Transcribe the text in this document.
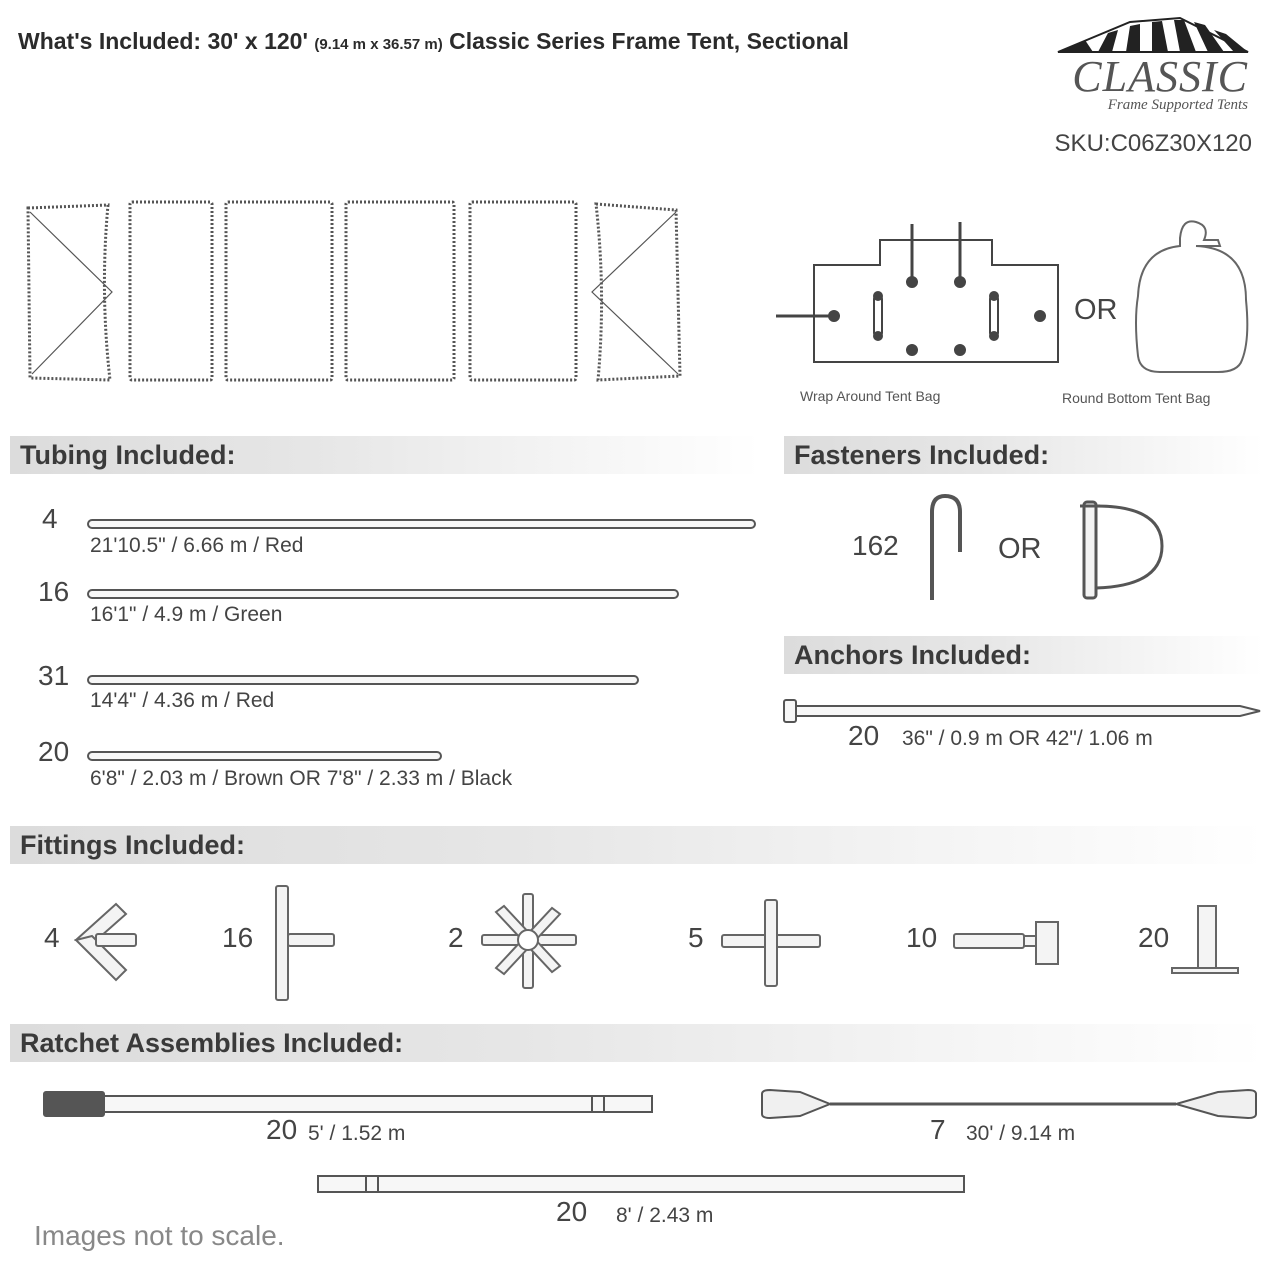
What's Included: 30' x 120' (9.14 m x 36.57 m) Classic Series Frame Tent, Sectional
CLASSIC
Frame Supported Tents
SKU:C06Z30X120
Wrap Around Tent Bag
OR
Round Bottom Tent Bag
Tubing Included:
4
21'10.5" / 6.66 m / Red
16
16'1" / 4.9 m / Green
31
14'4" / 4.36 m / Red
20
6'8" / 2.03 m / Brown OR 7'8" / 2.33 m / Black
Fasteners Included:
162	OR
Anchors Included:
20 36" / 0.9 m OR 42"/ 1.06 m
Fittings Included:
4	16	2	5	10	20
Ratchet Assemblies Included:
20 5' / 1.52 m	7 30' / 9.14 m
20 8' / 2.43 m
Images not to scale.
